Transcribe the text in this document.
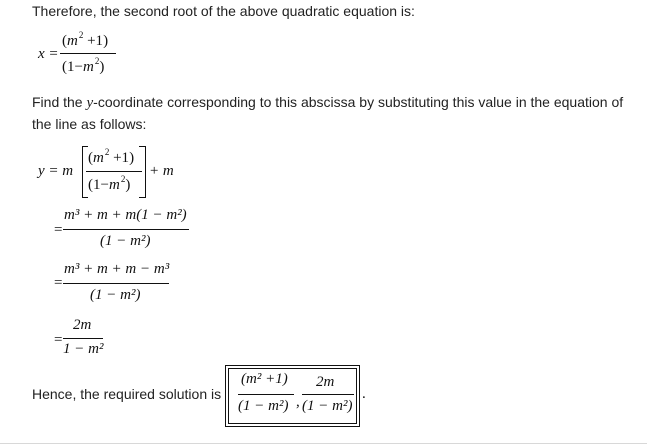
Therefore, the second root of the above quadratic equation is:
x =
$(m^2 +1)$
$(1-m^2)$
Find the y-coordinate corresponding to this abscissa by substituting this value in the equation of
the line as follows:
y = m
$(m^2 +1)$
$(1-m^2)$
+ m
=
m³ + m + m(1 − m²)
(1 − m²)
=
m³ + m + m − m³
(1 − m²)
=
2m
1 − m²
Hence, the required solution is
(m² +1)
(1 − m²) ,
2m
(1 − m²)
.
